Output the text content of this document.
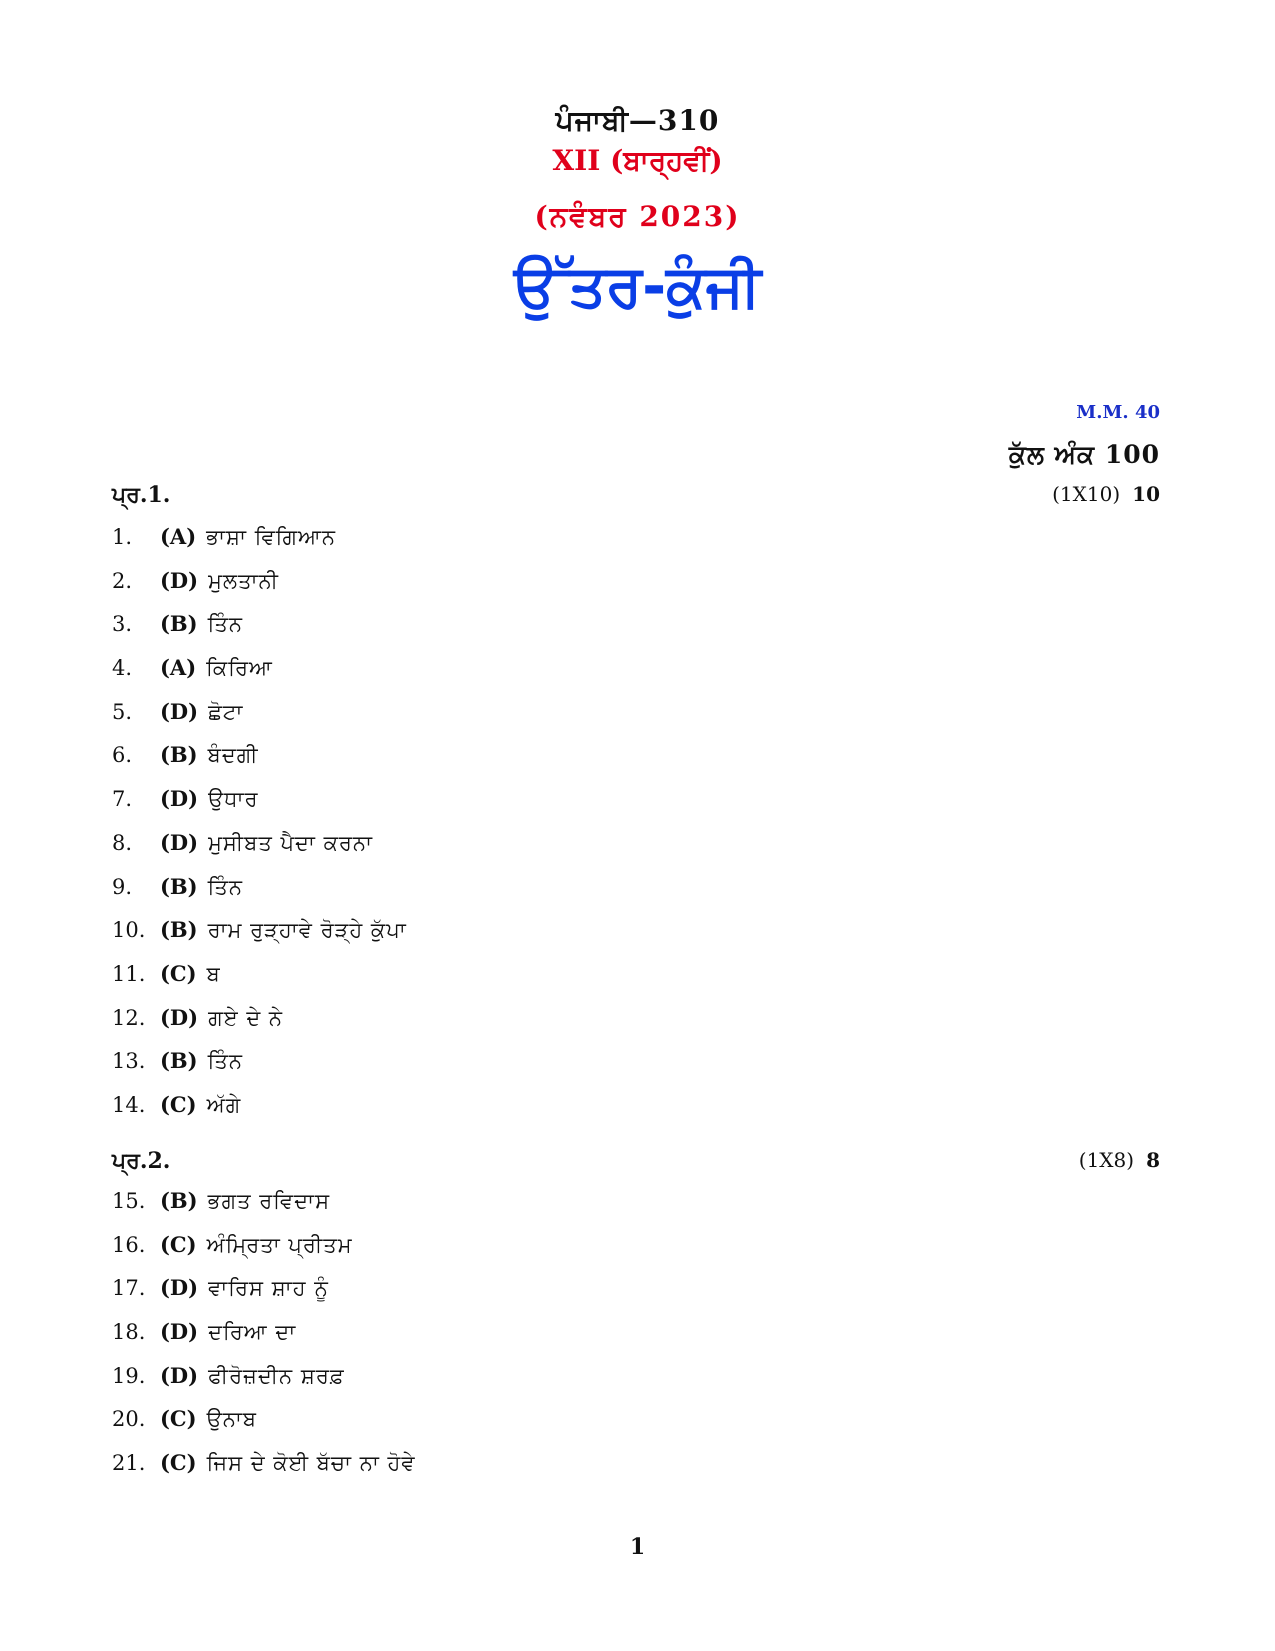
ਪੰਜਾਬੀ—310
XII (ਬਾਰ੍ਹਵੀਂ)
(ਨਵੰਬਰ 2023)
ਉੱਤਰ-ਕੁੰਜੀ
M.M. 40
ਕੁੱਲ ਅੰਕ 100
ਪ੍ਰ.1.	(1X10) 10
1. (A) ਭਾਸ਼ਾ ਵਿਗਿਆਨ
2. (D) ਮੁਲਤਾਨੀ
3. (B) ਤਿੰਨ
4. (A) ਕਿਰਿਆ
5. (D) ਛੋਟਾ
6. (B) ਬੰਦਗੀ
7. (D) ਉਧਾਰ
8. (D) ਮੁਸੀਬਤ ਪੈਦਾ ਕਰਨਾ
9. (B) ਤਿੰਨ
10. (B) ਰਾਮ ਰੁੜ੍ਹਾਵੇ ਰੋੜ੍ਹੇ ਕੁੱਪਾ
11. (C) ਬ
12. (D) ਗਏ ਦੇ ਨੇ
13. (B) ਤਿੰਨ
14. (C) ਅੱਗੇ
ਪ੍ਰ.2.	(1X8) 8
15. (B) ਭਗਤ ਰਵਿਦਾਸ
16. (C) ਅੰਮ੍ਰਿਤਾ ਪ੍ਰੀਤਮ
17. (D) ਵਾਰਿਸ ਸ਼ਾਹ ਨੂੰ
18. (D) ਦਰਿਆ ਦਾ
19. (D) ਫੀਰੋਜ਼ਦੀਨ ਸ਼ਰਫ਼
20. (C) ਉਨਾਬ
21. (C) ਜਿਸ ਦੇ ਕੋਈ ਬੱਚਾ ਨਾ ਹੋਵੇ
1
